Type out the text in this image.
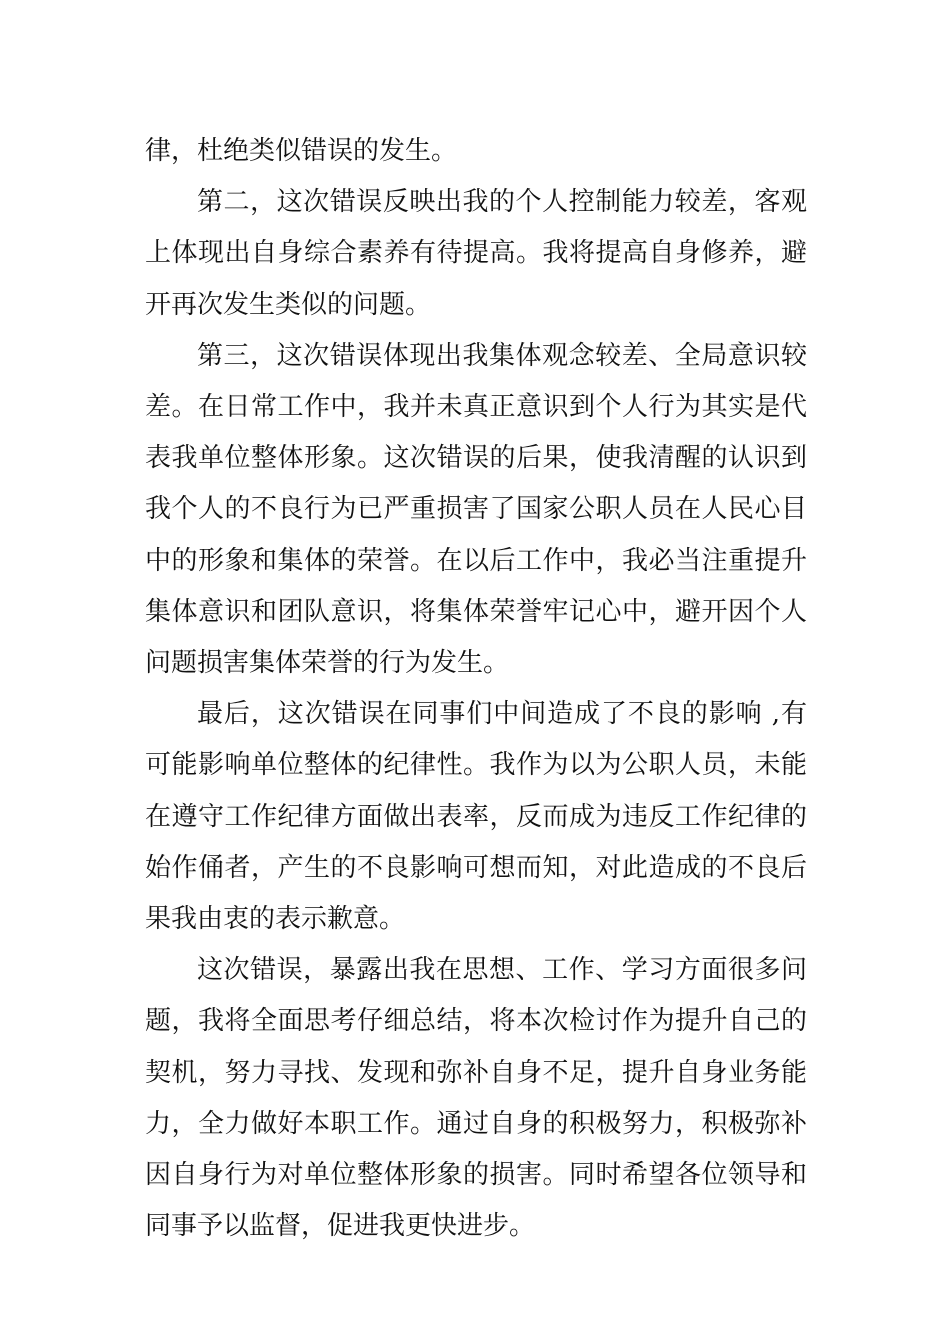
律，杜绝类似错误的发生。

第二，这次错误反映出我的个人控制能力较差，客观上体现出自身综合素养有待提高。我将提高自身修养，避开再次发生类似的问题。

第三，这次错误体现出我集体观念较差、全局意识较差。在日常工作中，我并未真正意识到个人行为其实是代表我单位整体形象。这次错误的后果，使我清醒的认识到我个人的不良行为已严重损害了国家公职人员在人民心目中的形象和集体的荣誉。在以后工作中，我必当注重提升集体意识和团队意识，将集体荣誉牢记心中，避开因个人问题损害集体荣誉的行为发生。

最后，这次错误在同事们中间造成了不良的影响 ,有可能影响单位整体的纪律性。我作为以为公职人员，未能在遵守工作纪律方面做出表率，反而成为违反工作纪律的始作俑者，产生的不良影响可想而知，对此造成的不良后果我由衷的表示歉意。

这次错误，暴露出我在思想、工作、学习方面很多问题，我将全面思考仔细总结，将本次检讨作为提升自己的契机，努力寻找、发现和弥补自身不足，提升自身业务能力，全力做好本职工作。通过自身的积极努力，积极弥补因自身行为对单位整体形象的损害。同时希望各位领导和同事予以监督，促进我更快进步。
